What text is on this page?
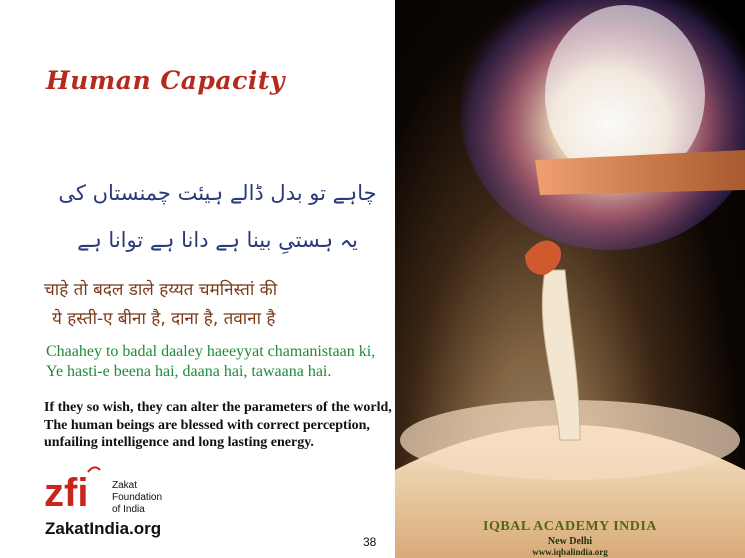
Human Capacity
چاہے تو بدل ڈالے ہیئت چمنستاں کی
یہ ہستیِ بینا ہے دانا ہے توانا ہے
चाहे तो बदल डाले हय्यत चमनिस्तां की
ये हस्ती-ए बीना है, दाना है, तवाना है
Chaahey to badal daaley haeeyyat chamanistaan ki,
Ye hasti-e beena hai, daana hai, tawaana hai.
If they so wish, they can alter the parameters of the world,
The human beings are blessed with correct perception,
unfailing intelligence and long lasting energy.
zfi Zakat
Foundation
of India
ZakatIndia.org
38
IQBAL ACADEMY INDIA
New Delhi
www.iqbalindia.org
